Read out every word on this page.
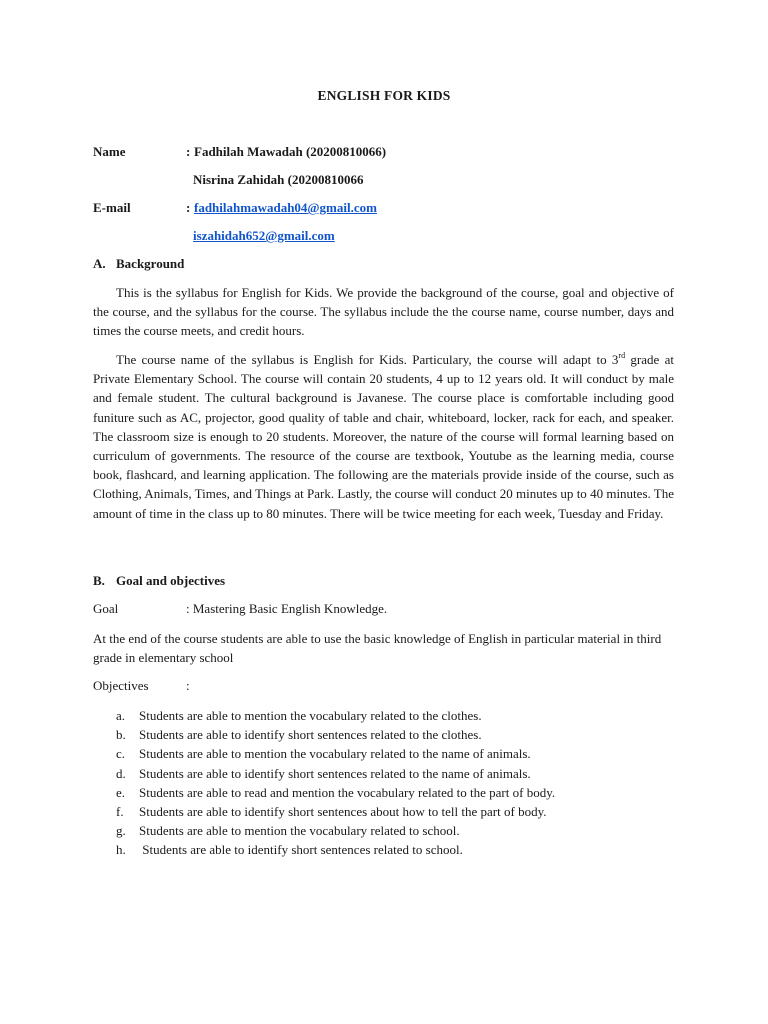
ENGLISH FOR KIDS
Name	: Fadhilah Mawadah (20200810066)
Nisrina Zahidah (20200810066
E-mail	: fadhilahmawadah04@gmail.com
iszahidah652@gmail.com
A. Background

This is the syllabus for English for Kids. We provide the background of the course, goal and objective of the course, and the syllabus for the course. The syllabus include the the course name, course number, days and times the course meets, and credit hours.

The course name of the syllabus is English for Kids. Particulary, the course will adapt to 3rd grade at Private Elementary School. The course will contain 20 students, 4 up to 12 years old. It will conduct by male and female student. The cultural background is Javanese. The course place is comfortable including good funiture such as AC, projector, good quality of table and chair, whiteboard, locker, rack for each, and speaker. The classroom size is enough to 20 students. Moreover, the nature of the course will formal learning based on curriculum of governments. The resource of the course are textbook, Youtube as the learning media, course book, flashcard, and learning application. The following are the materials provide inside of the course, such as Clothing, Animals, Times, and Things at Park. Lastly, the course will conduct 20 minutes up to 40 minutes. The amount of time in the class up to 80 minutes. There will be twice meeting for each week, Tuesday and Friday.

B. Goal and objectives
Goal	: Mastering Basic English Knowledge.

At the end of the course students are able to use the basic knowledge of English in particular material in third grade in elementary school

Objectives	:
a. Students are able to mention the vocabulary related to the clothes.
b. Students are able to identify short sentences related to the clothes.
c. Students are able to mention the vocabulary related to the name of animals.
d. Students are able to identify short sentences related to the name of animals.
e. Students are able to read and mention the vocabulary related to the part of body.
f. Students are able to identify short sentences about how to tell the part of body.
g. Students are able to mention the vocabulary related to school.
h. Students are able to identify short sentences related to school.
